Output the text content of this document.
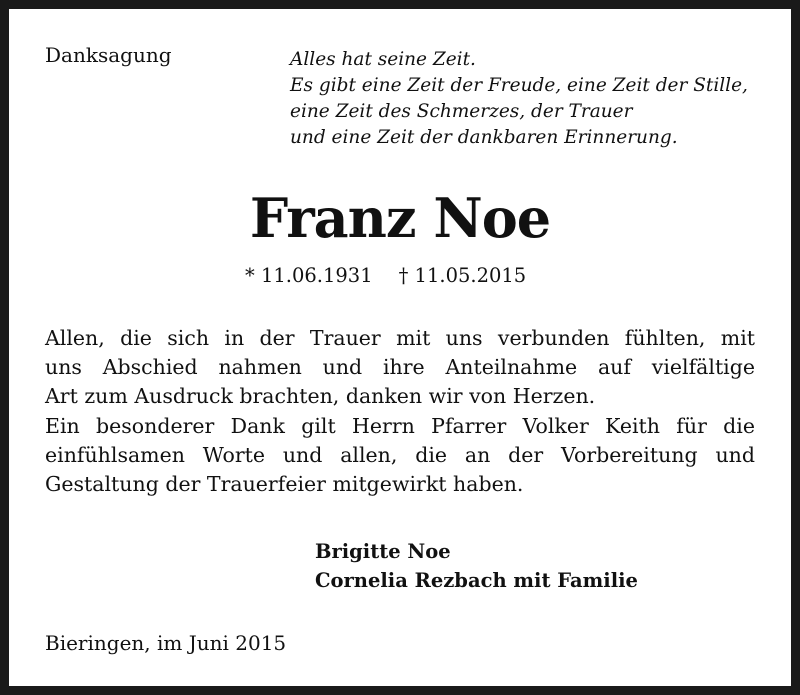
Danksagung	Alles hat seine Zeit.
Es gibt eine Zeit der Freude, eine Zeit der Stille,
eine Zeit des Schmerzes, der Trauer
und eine Zeit der dankbaren Erinnerung.
Franz Noe
* 11.06.1931 † 11.05.2015
Allen, die sich in der Trauer mit uns verbunden fühlten, mit
uns Abschied nahmen und ihre Anteilnahme auf vielfältige
Art zum Ausdruck brachten, danken wir von Herzen.
Ein besonderer Dank gilt Herrn Pfarrer Volker Keith für die
einfühlsamen Worte und allen, die an der Vorbereitung und
Gestaltung der Trauerfeier mitgewirkt haben.
Brigitte Noe
Cornelia Rezbach mit Familie
Bieringen, im Juni 2015
